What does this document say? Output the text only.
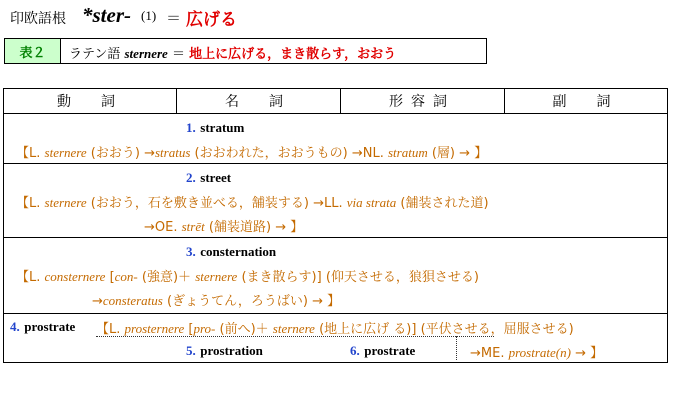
印欧語根 *ster- (1) ＝ 広げる
表２	ラテン語 sternere ＝ 地上に広げる，まき散らす，おおう
動　詞	名　詞	形容詞	副　詞
1. stratum
【L. sternere (おおう) →stratus (おおわれた，おおうもの) →NL. stratum (層) → 】
2. street
【L. sternere (おおう，石を敷き並べる，舗装する) →LL. via strata (舗装された道)
→OE. strēt (舗装道路) → 】
3. consternation
【L. consternere [con- (強意)＋ sternere (まき散らす)] (仰天させる，狼狽させる)
→consteratus (ぎょうてん，ろうばい) → 】
4. prostrate 【L. prosternere [pro- (前へ)＋ sternere (地上に広げ る)] (平伏させる，屈服させる)
5. prostration	6. prostrate	→ME. prostrate(n) → 】
